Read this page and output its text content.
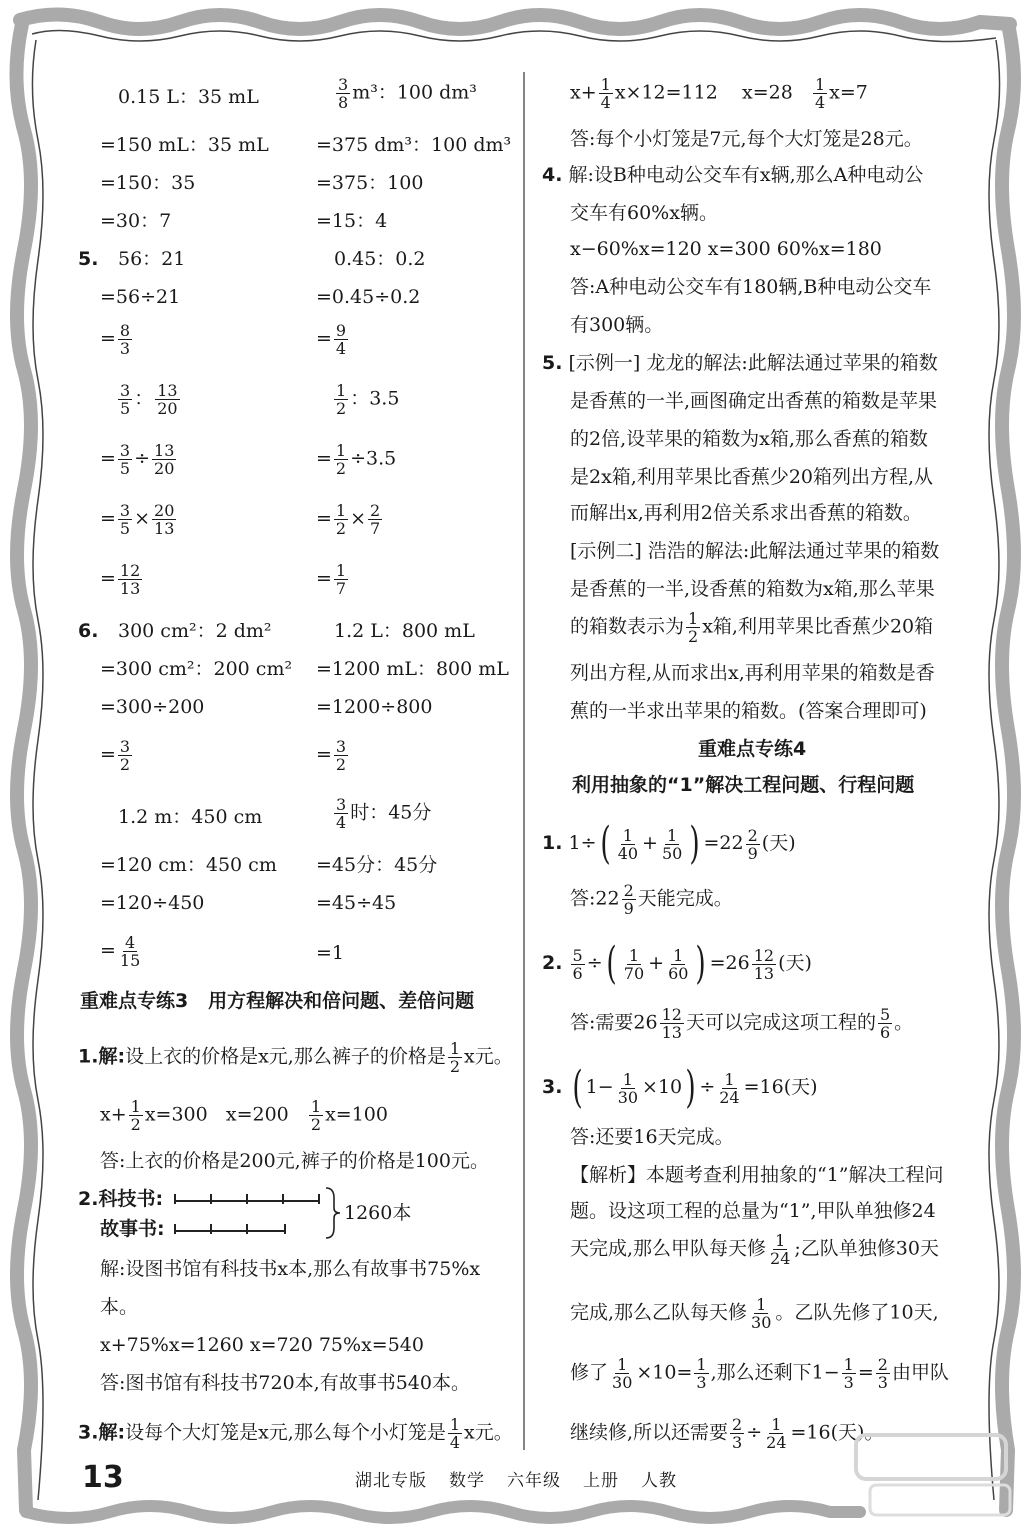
0.15 L：35 mL	$\frac{3}{8} m^3$：100 dm³
=150 mL：35 mL =375 dm³：100 dm³
=150：35	=375：100
=30：7	=15：4
5. 56：21	0.45：0.2
=56÷21	=0.45÷0.2
= $\frac{8}{3}$	= $\frac{9}{4}$
$\frac{3}{5}$ ： $\frac{13}{20}$	$\frac{1}{2}$ ：3.5
= $\frac{3}{5} \div \frac{13}{20}$	= $\frac{1}{2} \div 3.5$
= $\frac{3}{5} \times \frac{20}{13}$	= $\frac{1}{2} \times \frac{2}{7}$
= $\frac{12}{13}$	= $\frac{1}{7}$
6. 300 cm²：2 dm²	1.2 L：800 mL
=300 cm²：200 cm² =1200 mL：800 mL
=300÷200	=1200÷800
= $\frac{3}{2}$	= $\frac{3}{2}$
1.2 m：450 cm	$\frac{3}{4}$ 时：45分
=120 cm：450 cm =45分：45分
=120÷450	=45÷45
= $\frac{4}{15}$	=1
重难点专练3 用方程解决和倍问题、差倍问题
1.解:设上衣的价格是x元,那么裤子的价格是 $\frac{1}{2}$ x元。
$x+ \frac{1}{2} x=300$ $x=200 \frac{1}{2} x=100$
答:上衣的价格是200元,裤子的价格是100元。
2.科技书:
故事书:
1260本
解:设图书馆有科技书x本,那么有故事书75%x
本。
x+75%x=1260 x=720 75%x=540
答:图书馆有科技书720本,有故事书540本。
3.解:设每个大灯笼是x元,那么每个小灯笼是 $\frac{1}{4}$ x元。
$x+ \frac{1}{4} x\times 12=112$ $x=28 \frac{1}{4} x=7$
答:每个小灯笼是7元,每个大灯笼是28元。
4. 解:设B种电动公交车有x辆,那么A种电动公
交车有60%x辆。
x−60%x=120 x=300 60%x=180
答:A种电动公交车有180辆,B种电动公交车
有300辆。
5. [示例一] 龙龙的解法:此解法通过苹果的箱数
是香蕉的一半,画图确定出香蕉的箱数是苹果
的2倍,设苹果的箱数为x箱,那么香蕉的箱数
是2x箱,利用苹果比香蕉少20箱列出方程,从
而解出x,再利用2倍关系求出香蕉的箱数。
[示例二] 浩浩的解法:此解法通过苹果的箱数
是香蕉的一半,设香蕉的箱数为x箱,那么苹果
的箱数表示为 $\frac{1}{2}$ x箱,利用苹果比香蕉少20箱
列出方程,从而求出x,再利用苹果的箱数是香
蕉的一半求出苹果的箱数。(答案合理即可)
重难点专练4
利用抽象的“1”解决工程问题、行程问题
1. $1\div( \frac{1}{40} + \frac{1}{50}$ ) $=22 \frac{2}{9}$ (天)
答:22 $\frac{2}{9}$ 天能完成。
2. $\frac{5}{6}$ ÷( $\frac{1}{70} + \frac{1}{60}$ ) $=26 \frac{12}{13}$ (天)
答:需要$26 \frac{12}{13}$ 天可以完成这项工程的 $\frac{5}{6}$ 。
3. ( $1- \frac{1}{30} \times 10) \div \frac{1}{24} =16$(天)
答:还要16天完成。
【解析】本题考查利用抽象的“1”解决工程问
题。设这项工程的总量为“1”,甲队单独修24
天完成,那么甲队每天修 $\frac{1}{24}$ ;乙队单独修30天
完成,那么乙队每天修 $\frac{1}{30}$ 。乙队先修了10天,
修了 $\frac{1}{30} \times 10= \frac{1}{3}$ ,那么还剩下$1- \frac{1}{3} = \frac{2}{3}$ 由甲队
继续修,所以还需要 $\frac{2}{3} \div \frac{1}{24} =16$(天)。
13	湖北专版 数学 六年级 上册 人教
